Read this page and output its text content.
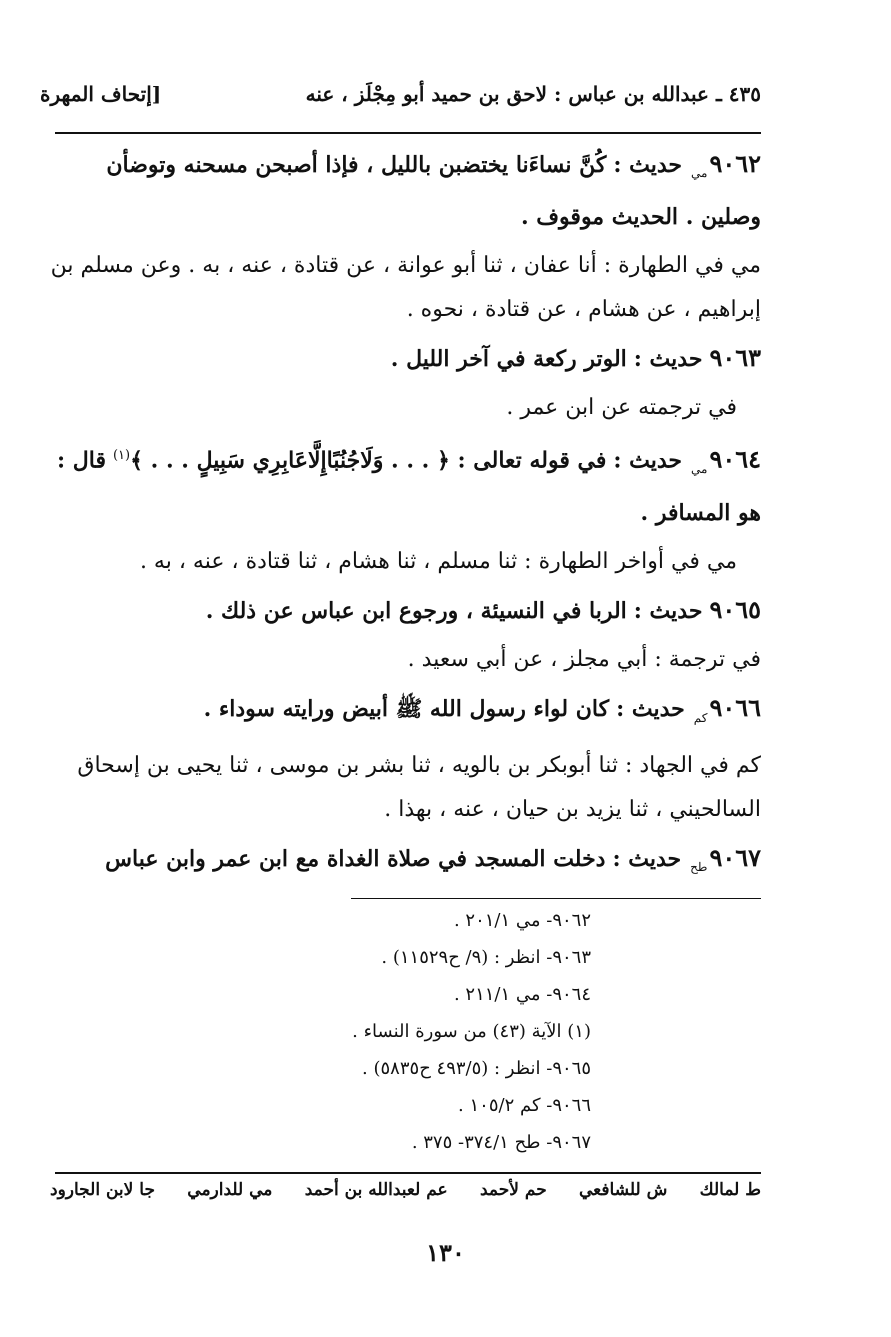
٤٣٥ ـ عبدالله بن عباس : لاحق بن حميد أبو مِجْلَز ، عنه
[إتحاف المهرة

$٩٠٦٢_{مي}$ حديث : كُنَّ نساءَنا يختضبن بالليل ، فإذا أصبحن مسحنه وتوضأن وصلين . الحديث موقوف .

مي في الطهارة : أنا عفان ، ثنا أبو عوانة ، عن قتادة ، عنه ، به . وعن مسلم بن إبراهيم ، عن هشام ، عن قتادة ، نحوه .

٩٠٦٣ حديث : الوتر ركعة في آخر الليل .

في ترجمته عن ابن عمر .

$٩٠٦٤_{مي}$ حديث : في قوله تعالى : ﴿ . . . وَلَاجُنُبًاإِلَّاعَابِرِي سَبِيلٍ . . . ﴾$^{(١)}$ قال : هو المسافر .

مي في أواخر الطهارة : ثنا مسلم ، ثنا هشام ، ثنا قتادة ، عنه ، به .

٩٠٦٥ حديث : الربا في النسيئة ، ورجوع ابن عباس عن ذلك .

في ترجمة : أبي مجلز ، عن أبي سعيد .

$٩٠٦٦_{كم}$ حديث : كان لواء رسول الله ﷺ أبيض ورايته سوداء .

كم في الجهاد : ثنا أبوبكر بن بالويه ، ثنا بشر بن موسى ، ثنا يحيى بن إسحاق السالحيني ، ثنا يزيد بن حيان ، عنه ، بهذا .

$٩٠٦٧_{طح}$ حديث : دخلت المسجد في صلاة الغداة مع ابن عمر وابن عباس

٩٠٦٢- مي ٢٠١/١ .
٩٠٦٣- انظر : (٩/ ح١١٥٢٩) .
٩٠٦٤- مي ٢١١/١ .
(١) الآية (٤٣) من سورة النساء .
٩٠٦٥- انظر : (٤٩٣/٥ ح٥٨٣٥) .
٩٠٦٦- كم ١٠٥/٢ .
٩٠٦٧- طح ٣٧٤/١- ٣٧٥ .
ط لمالك
ش للشافعي
حم لأحمد
عم لعبدالله بن أحمد
مي للدارمي
جا لابن الجارود
١٣٠
